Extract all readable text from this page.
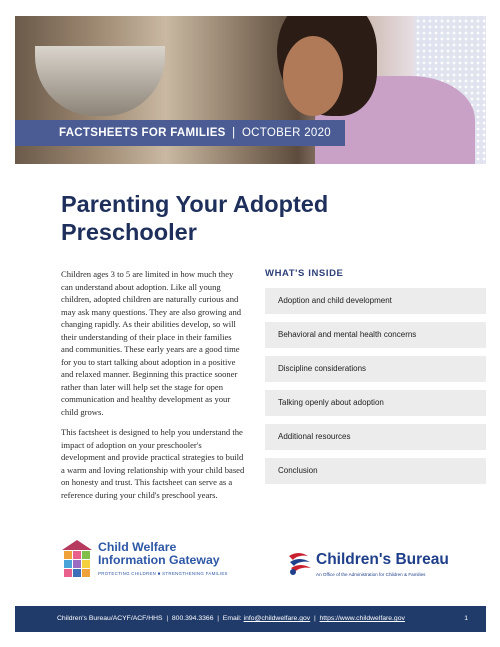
FACTSHEETS FOR FAMILIES | OCTOBER 2020
Parenting Your Adopted
Preschooler

Children ages 3 to 5 are limited in how much they can understand about adoption. Like all young children, adopted children are naturally curious and may ask many questions. They are also growing and changing rapidly. As their abilities develop, so will their understanding of their place in their families and communities. These early years are a good time for you to start talking about adoption in a positive and relaxed manner. Beginning this practice sooner rather than later will help set the stage for open communication and healthy development as your child grows.

This factsheet is designed to help you understand the impact of adoption on your preschooler's development and provide practical strategies to build a warm and loving relationship with your child based on honesty and trust. This factsheet can serve as a reference during your child's preschool years.

WHAT'S INSIDE
Adoption and child development
Behavioral and mental health concerns
Discipline considerations
Talking openly about adoption
Additional resources
Conclusion
Child Welfare
Information Gateway
PROTECTING CHILDREN ■ STRENGTHENING FAMILIES
Children's Bureau
An Office of the Administration for Children & Families
Children's Bureau/ACYF/ACF/HHS | 800.394.3366 | Email: info@childwelfare.gov | https://www.childwelfare.gov	1
